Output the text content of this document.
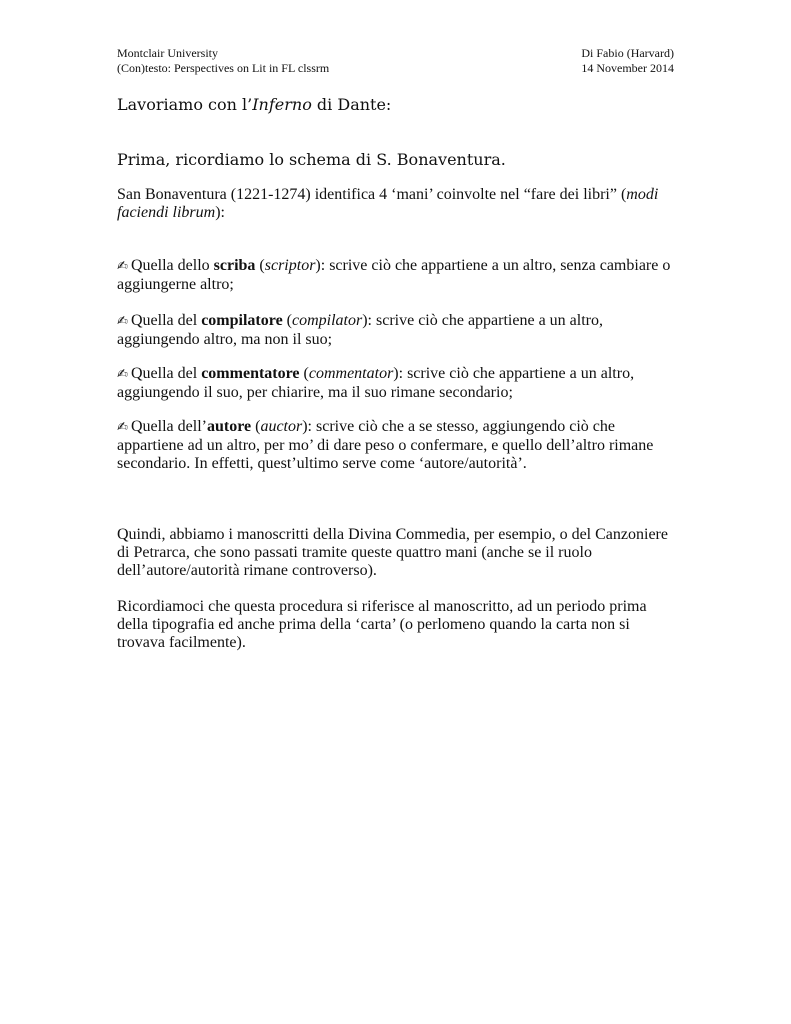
Montclair University
(Con)testo: Perspectives on Lit in FL clssrm
Di Fabio (Harvard)
14 November 2014
Lavoriamo con l’Inferno di Dante:
Prima, ricordiamo lo schema di S. Bonaventura.
San Bonaventura (1221-1274) identifica 4 ‘mani’ coinvolte nel “fare dei libri” (modi faciendi librum):
✍ Quella dello scriba (scriptor): scrive ciò che appartiene a un altro, senza cambiare o aggiungerne altro;
✍ Quella del compilatore (compilator): scrive ciò che appartiene a un altro, aggiungendo altro, ma non il suo;
✍ Quella del commentatore (commentator): scrive ciò che appartiene a un altro, aggiungendo il suo, per chiarire, ma il suo rimane secondario;
✍ Quella dell’autore (auctor): scrive ciò che a se stesso, aggiungendo ciò che appartiene ad un altro, per mo’ di dare peso o confermare, e quello dell’altro rimane secondario. In effetti, quest’ultimo serve come ‘autore/autorità’.
Quindi, abbiamo i manoscritti della Divina Commedia, per esempio, o del Canzoniere di Petrarca, che sono passati tramite queste quattro mani (anche se il ruolo dell’autore/autorità rimane controverso).
Ricordiamoci che questa procedura si riferisce al manoscritto, ad un periodo prima della tipografia ed anche prima della ‘carta’ (o perlomeno quando la carta non si trovava facilmente).
